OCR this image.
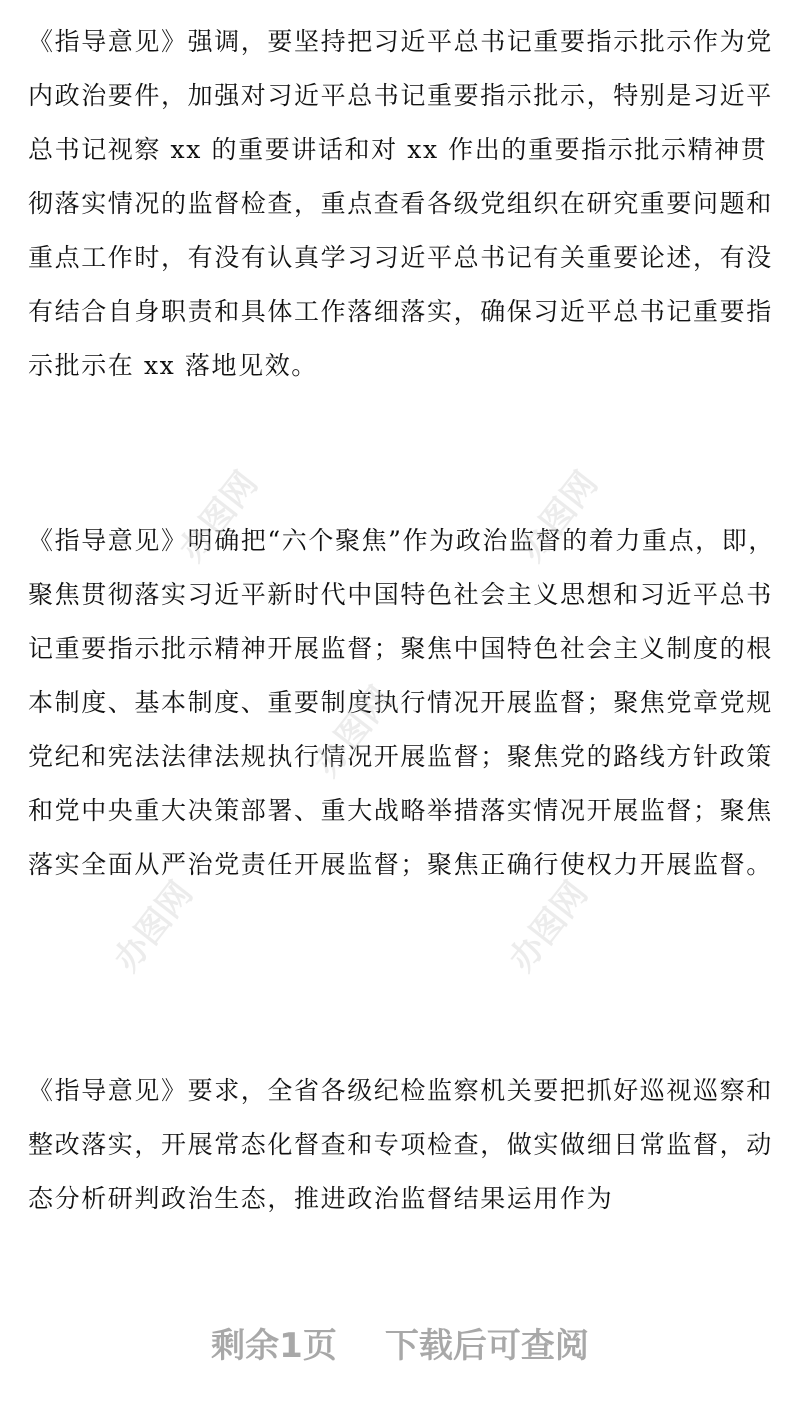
《指导意见》强调，要坚持把习近平总书记重要指示批示作为党内政治要件，加强对习近平总书记重要指示批示，特别是习近平总书记视察 xx 的重要讲话和对 xx 作出的重要指示批示精神贯彻落实情况的监督检查，重点查看各级党组织在研究重要问题和重点工作时，有没有认真学习习近平总书记有关重要论述，有没有结合自身职责和具体工作落细落实，确保习近平总书记重要指示批示在 xx 落地见效。

《指导意见》明确把“六个聚焦”作为政治监督的着力重点，即，聚焦贯彻落实习近平新时代中国特色社会主义思想和习近平总书记重要指示批示精神开展监督；聚焦中国特色社会主义制度的根本制度、基本制度、重要制度执行情况开展监督；聚焦党章党规党纪和宪法法律法规执行情况开展监督；聚焦党的路线方针政策和党中央重大决策部署、重大战略举措落实情况开展监督；聚焦落实全面从严治党责任开展监督；聚焦正确行使权力开展监督。

《指导意见》要求，全省各级纪检监察机关要把抓好巡视巡察和整改落实，开展常态化督查和专项检查，做实做细日常监督，动态分析研判政治生态，推进政治监督结果运用作为

办图网	办图网
办图网
办图网	办图网
剩余1页 下载后可查阅
